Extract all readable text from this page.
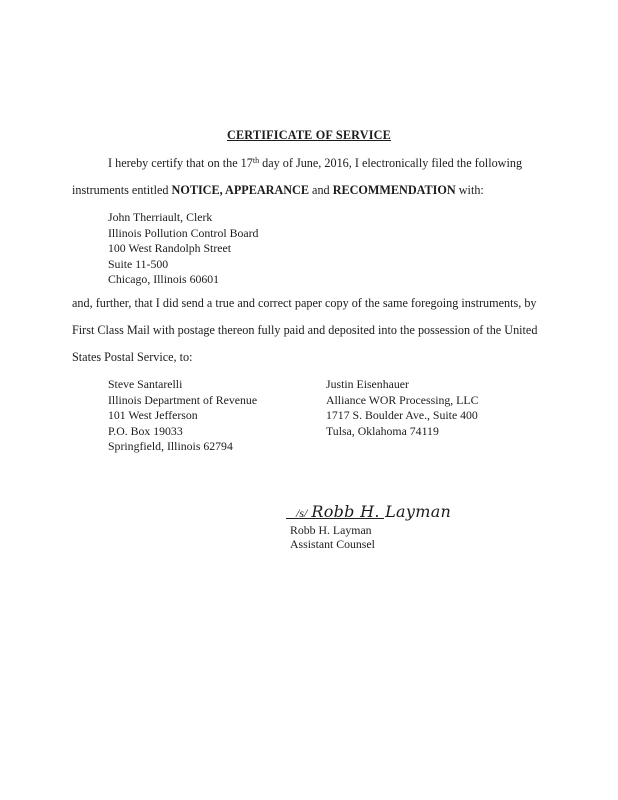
CERTIFICATE OF SERVICE
I hereby certify that on the 17th day of June, 2016, I electronically filed the following
instruments entitled NOTICE, APPEARANCE and RECOMMENDATION with:
John Therriault, Clerk
Illinois Pollution Control Board
100 West Randolph Street
Suite 11-500
Chicago, Illinois 60601
and, further, that I did send a true and correct paper copy of the same foregoing instruments, by
First Class Mail with postage thereon fully paid and deposited into the possession of the United
States Postal Service, to:
Steve Santarelli
Illinois Department of Revenue
101 West Jefferson
P.O. Box 19033
Springfield, Illinois 62794
Justin Eisenhauer
Alliance WOR Processing, LLC
1717 S. Boulder Ave., Suite 400
Tulsa, Oklahoma 74119
/s/ Robb H. Layman
Robb H. Layman
Assistant Counsel
